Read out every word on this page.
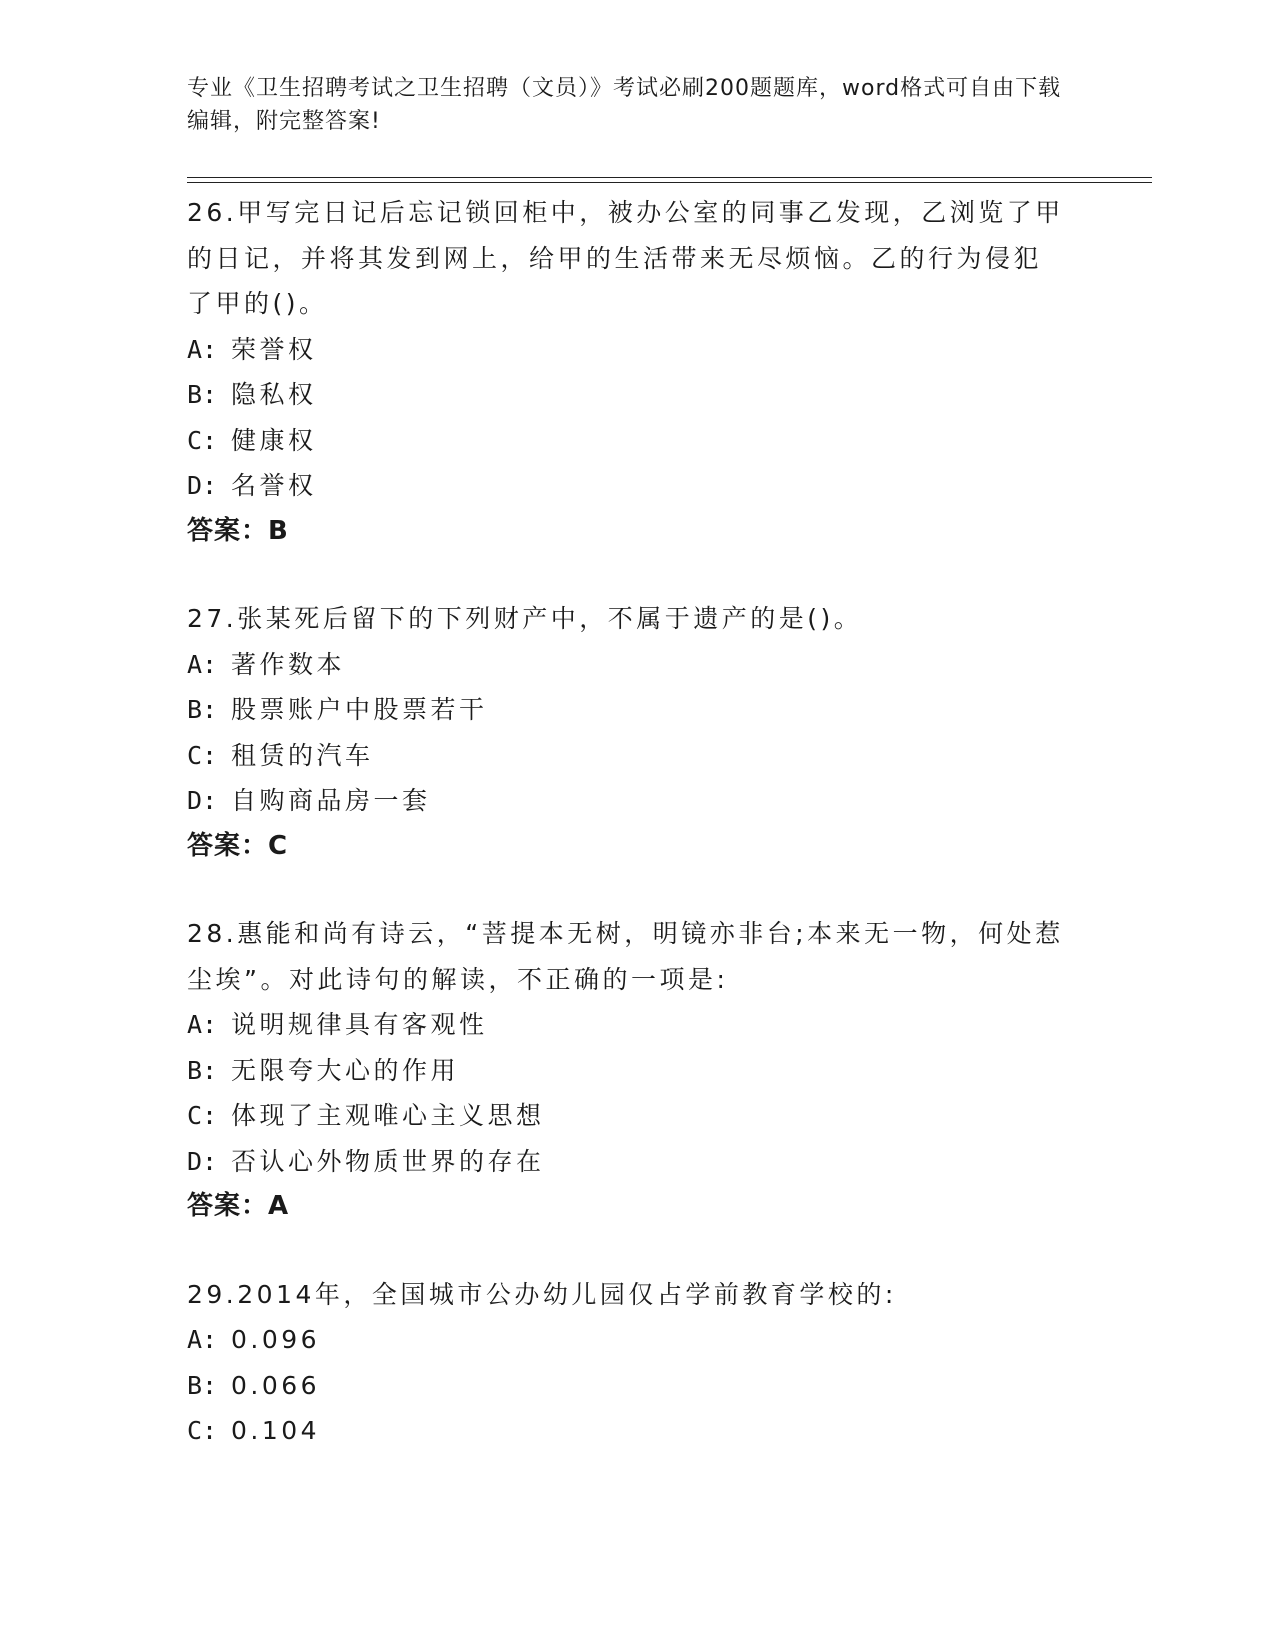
专业《卫生招聘考试之卫生招聘（文员）》考试必刷200题题库，word格式可自由下载编辑，附完整答案!
26.甲写完日记后忘记锁回柜中，被办公室的同事乙发现，乙浏览了甲的日记，并将其发到网上，给甲的生活带来无尽烦恼。乙的行为侵犯了甲的()。
A: 荣誉权
B: 隐私权
C: 健康权
D: 名誉权
答案：B
27.张某死后留下的下列财产中，不属于遗产的是()。
A: 著作数本
B: 股票账户中股票若干
C: 租赁的汽车
D: 自购商品房一套
答案：C
28.惠能和尚有诗云，“菩提本无树，明镜亦非台;本来无一物，何处惹尘埃”。对此诗句的解读，不正确的一项是:
A: 说明规律具有客观性
B: 无限夸大心的作用
C: 体现了主观唯心主义思想
D: 否认心外物质世界的存在
答案：A
29.2014年，全国城市公办幼儿园仅占学前教育学校的:
A: 0.096
B: 0.066
C: 0.104
